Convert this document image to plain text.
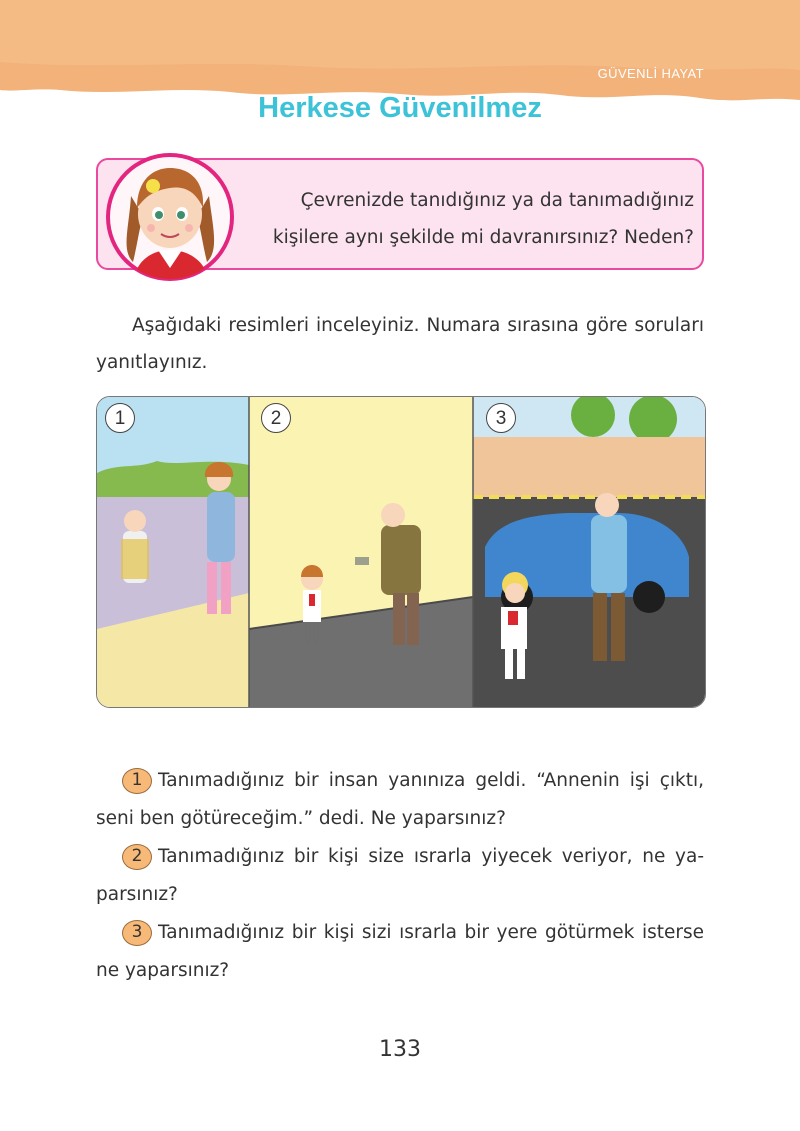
GÜVENLİ HAYAT
Herkese Güvenilmez
Çevrenizde tanıdığınız ya da tanımadığınız
kişilere aynı şekilde mi davranırsınız? Neden?

Aşağıdaki resimleri inceleyiniz. Numara sırasına göre soruları yanıtlayınız.

1	2	3

1 Tanımadığınız bir insan yanınıza geldi. “Annenin işi çıktı, seni ben götüreceğim.” dedi. Ne yaparsınız?

2 Tanımadığınız bir kişi size ısrarla yiyecek veriyor, ne ya-parsınız?

3 Tanımadığınız bir kişi sizi ısrarla bir yere götürmek isterse ne yaparsınız?

133
